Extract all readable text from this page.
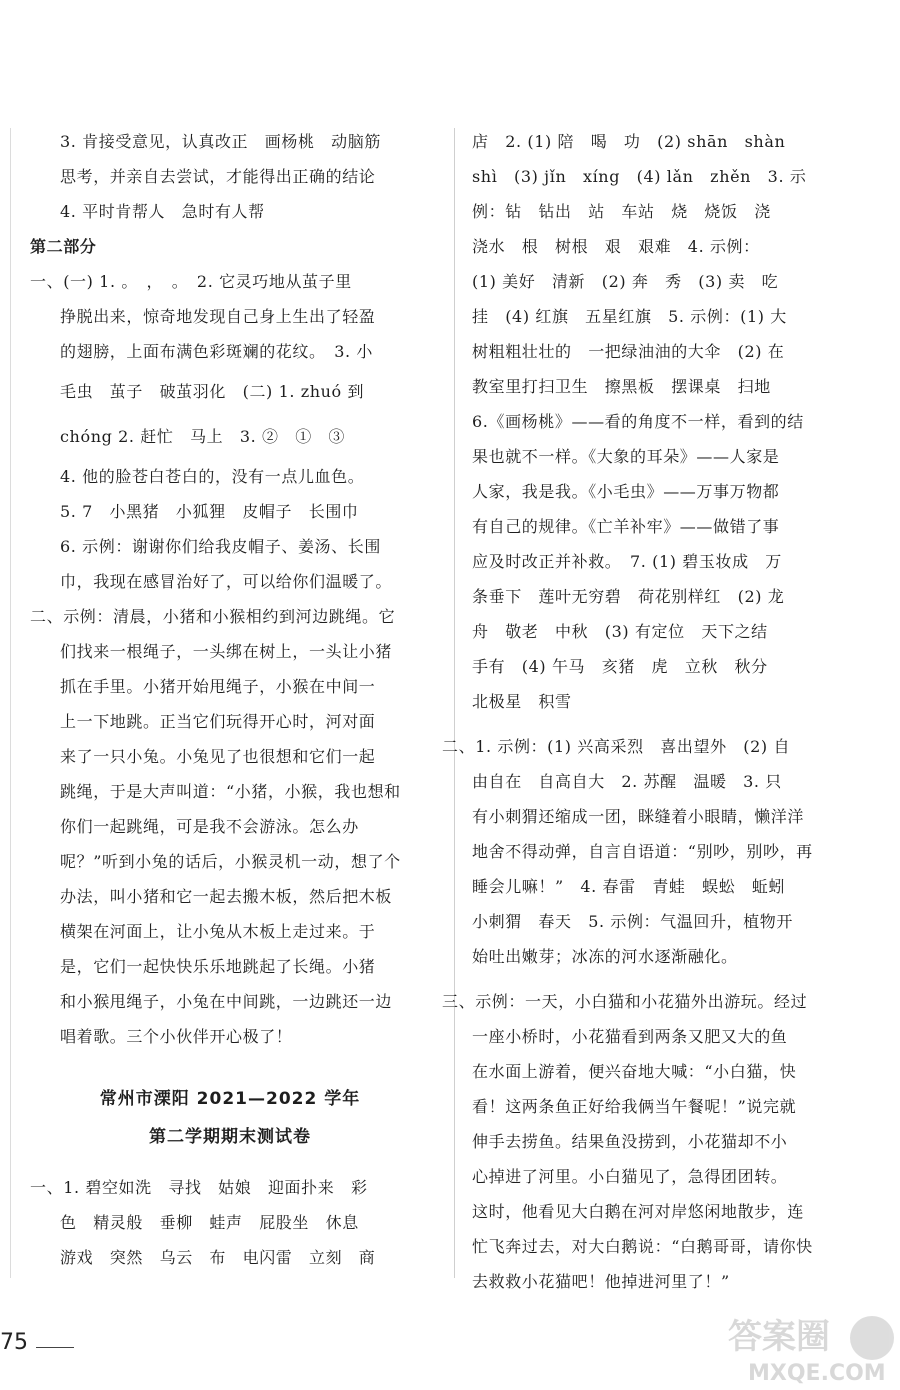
3. 肯接受意见，认真改正　画杨桃　动脑筋
思考，并亲自去尝试，才能得出正确的结论
4. 平时肯帮人　急时有人帮
第二部分
一、(一) 1. 。　，　。　2. 它灵巧地从茧子里
挣脱出来，惊奇地发现自己身上生出了轻盈
的翅膀，上面布满色彩斑斓的花纹。　3. 小
毛虫　茧子　破茧羽化　(二) 1. zhuó 到
chóng 2. 赶忙　马上　3. ②　①　③
4. 他的脸苍白苍白的，没有一点儿血色。
5. 7　小黑猪　小狐狸　皮帽子　长围巾
6. 示例：谢谢你们给我皮帽子、姜汤、长围
巾，我现在感冒治好了，可以给你们温暖了。
二、示例：清晨，小猪和小猴相约到河边跳绳。它
们找来一根绳子，一头绑在树上，一头让小猪
抓在手里。小猪开始甩绳子，小猴在中间一
上一下地跳。正当它们玩得开心时，河对面
来了一只小兔。小兔见了也很想和它们一起
跳绳，于是大声叫道：“小猪，小猴，我也想和
你们一起跳绳，可是我不会游泳。怎么办
呢？”听到小兔的话后，小猴灵机一动，想了个
办法，叫小猪和它一起去搬木板，然后把木板
横架在河面上，让小兔从木板上走过来。于
是，它们一起快快乐乐地跳起了长绳。小猪
和小猴甩绳子，小兔在中间跳，一边跳还一边
唱着歌。三个小伙伴开心极了！
常州市溧阳 2021—2022 学年
第二学期期末测试卷
一、1. 碧空如洗　寻找　姑娘　迎面扑来　彩
色　精灵般　垂柳　蛙声　屁股坐　休息
游戏　突然　乌云　布　电闪雷　立刻　商
店　2. (1) 陪　喝　功　(2) shān　shàn
shì　(3) jǐn　xíng　(4) lǎn　zhěn　3. 示
例：钻　钻出　站　车站　烧　烧饭　浇
浇水　根　树根　艰　艰难　4. 示例：
(1) 美好　清新　(2) 奔　秀　(3) 卖　吃
挂　(4) 红旗　五星红旗　5. 示例：(1) 大
树粗粗壮壮的　一把绿油油的大伞　(2) 在
教室里打扫卫生　擦黑板　摆课桌　扫地
6.《画杨桃》——看的角度不一样，看到的结
果也就不一样。《大象的耳朵》——人家是
人家，我是我。《小毛虫》——万事万物都
有自己的规律。《亡羊补牢》——做错了事
应及时改正并补救。　7. (1) 碧玉妆成　万
条垂下　莲叶无穷碧　荷花别样红　(2) 龙
舟　敬老　中秋　(3) 有定位　天下之结
手有　(4) 午马　亥猪　虎　立秋　秋分
北极星　积雪
二、1. 示例：(1) 兴高采烈　喜出望外　(2) 自
由自在　自高自大　2. 苏醒　温暖　3. 只
有小刺猬还缩成一团，眯缝着小眼睛，懒洋洋
地舍不得动弹，自言自语道：“别吵，别吵，再
睡会儿嘛！”　4. 春雷　青蛙　蜈蚣　蚯蚓
小刺猬　春天　5. 示例：气温回升，植物开
始吐出嫩芽；冰冻的河水逐渐融化。
三、示例：一天，小白猫和小花猫外出游玩。经过
一座小桥时，小花猫看到两条又肥又大的鱼
在水面上游着，便兴奋地大喊：“小白猫，快
看！这两条鱼正好给我俩当午餐呢！”说完就
伸手去捞鱼。结果鱼没捞到，小花猫却不小
心掉进了河里。小白猫见了，急得团团转。
这时，他看见大白鹅在河对岸悠闲地散步，连
忙飞奔过去，对大白鹅说：“白鹅哥哥，请你快
去救救小花猫吧！他掉进河里了！”
75	答案圈
MXQE.COM
